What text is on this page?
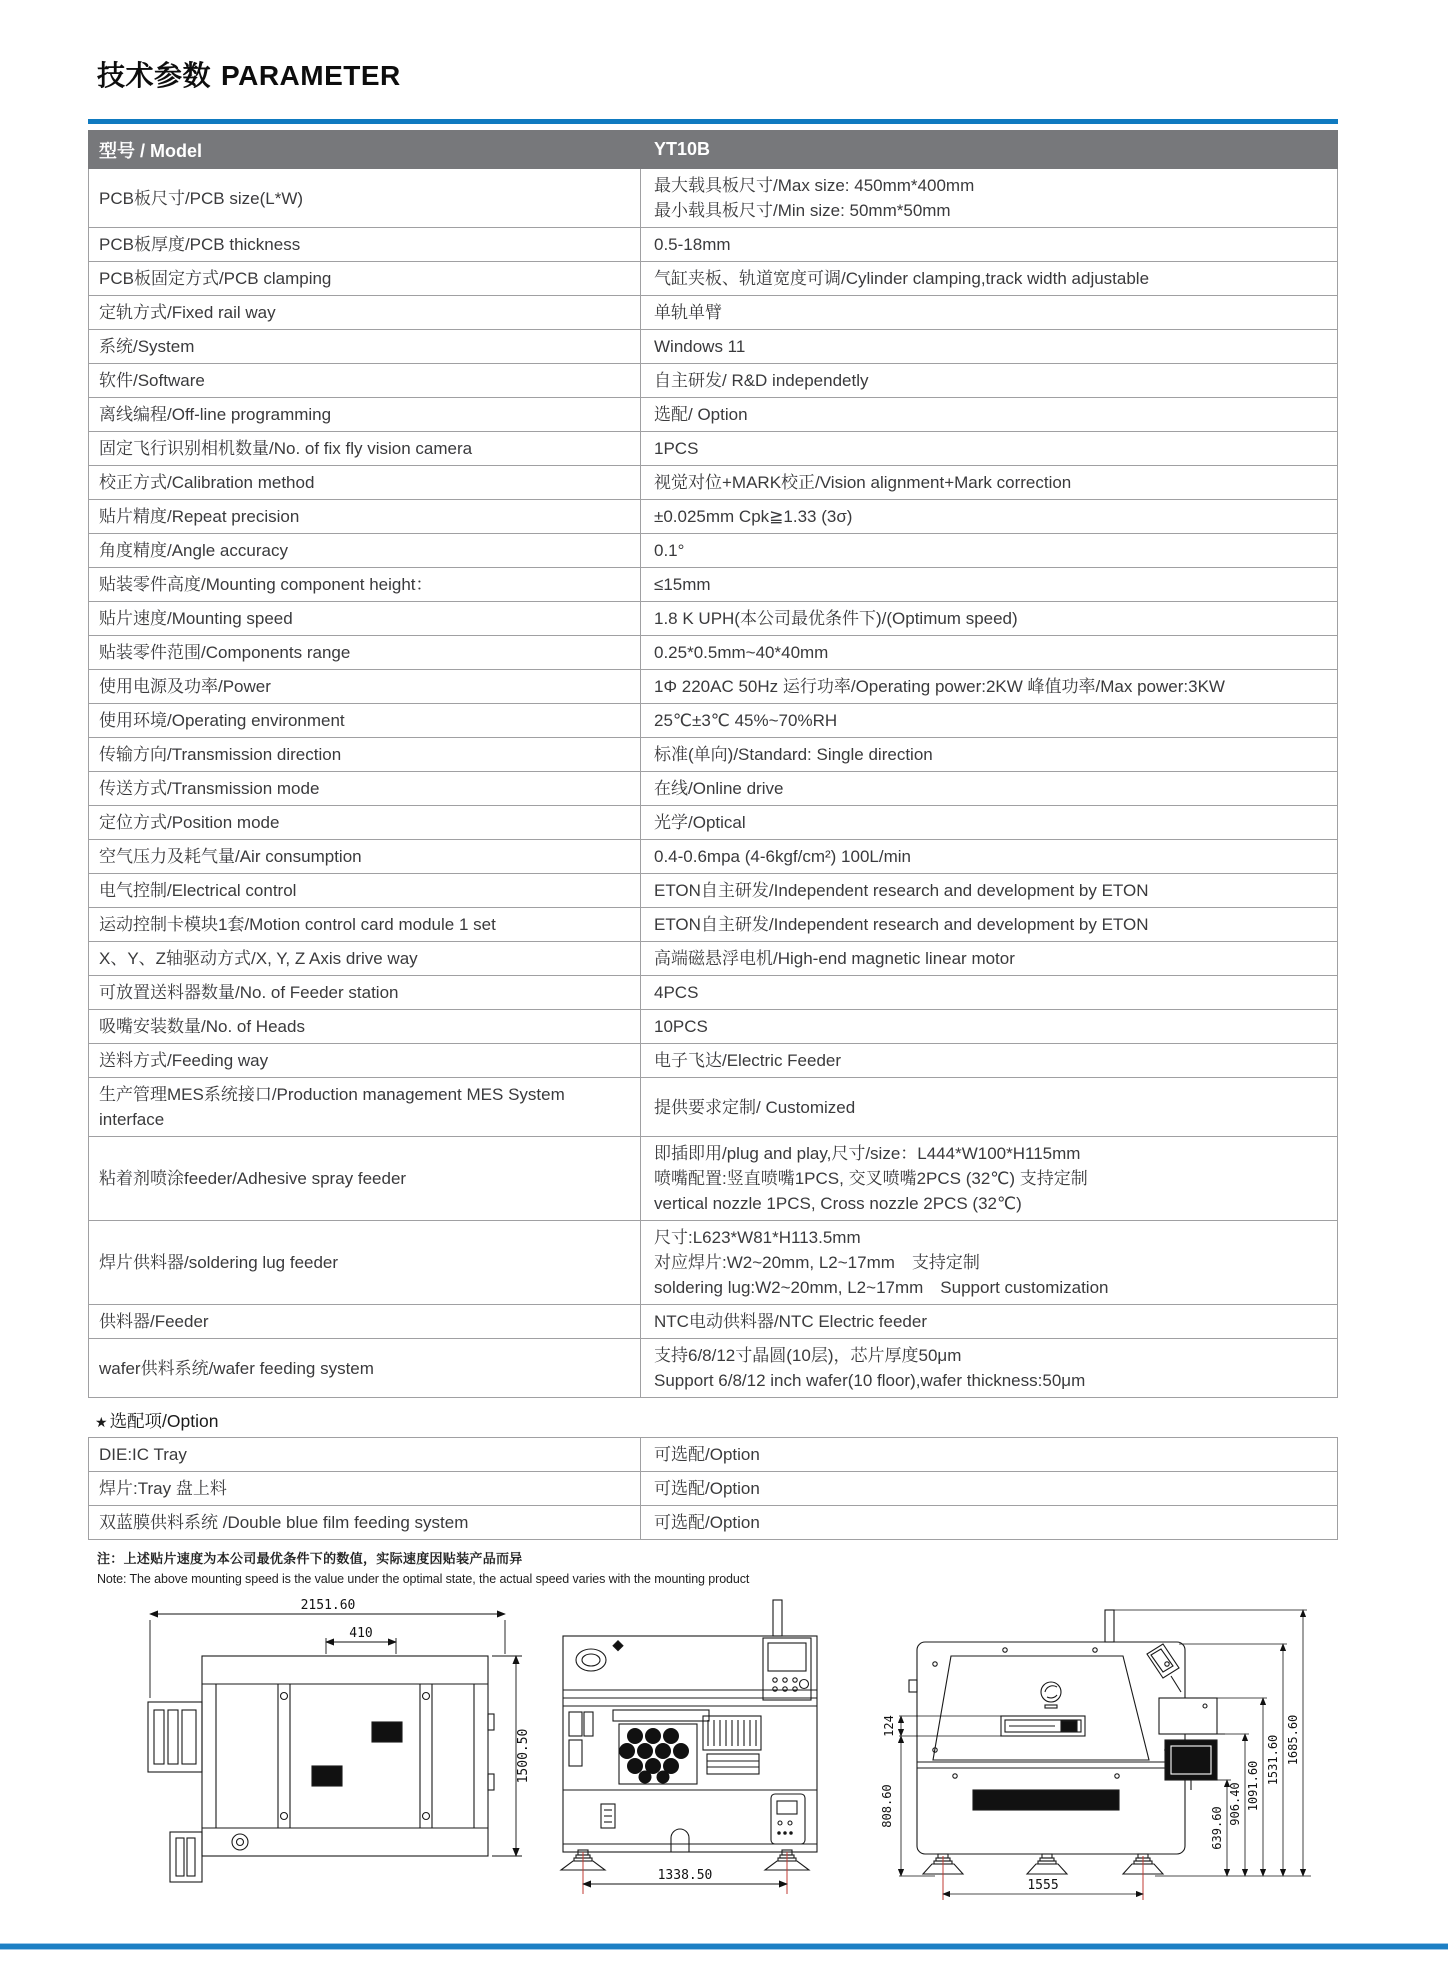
技术参数 PARAMETER
型号 / Model	YT10B
PCB板尺寸/PCB size(L*W)	最大载具板尺寸/Max size: 450mm*400mm
最小载具板尺寸/Min size: 50mm*50mm

PCB板厚度/PCB thickness	0.5-18mm

PCB板固定方式/PCB clamping	气缸夹板、轨道宽度可调/Cylinder clamping,track width adjustable

定轨方式/Fixed rail way	单轨单臂

系统/System	Windows 11

软件/Software	自主研发/ R&D independetly

离线编程/Off-line programming	选配/ Option

固定飞行识别相机数量/No. of fix fly vision camera	1PCS

校正方式/Calibration method	视觉对位+MARK校正/Vision alignment+Mark correction

贴片精度/Repeat precision	±0.025mm Cpk≧1.33 (3σ)

角度精度/Angle accuracy	0.1°

贴装零件高度/Mounting component height：	≤15mm

贴片速度/Mounting speed	1.8 K UPH(本公司最优条件下)/(Optimum speed)

贴装零件范围/Components range	0.25*0.5mm~40*40mm

使用电源及功率/Power	1Φ 220AC 50Hz 运行功率/Operating power:2KW 峰值功率/Max power:3KW

使用环境/Operating environment	25℃±3℃ 45%~70%RH

传输方向/Transmission direction	标准(单向)/Standard: Single direction

传送方式/Transmission mode	在线/Online drive

定位方式/Position mode	光学/Optical

空气压力及耗气量/Air consumption	0.4-0.6mpa (4-6kgf/cm²) 100L/min

电气控制/Electrical control	ETON自主研发/Independent research and development by ETON

运动控制卡模块1套/Motion control card module 1 set	ETON自主研发/Independent research and development by ETON

X、Y、Z轴驱动方式/X, Y, Z Axis drive way	高端磁悬浮电机/High-end magnetic linear motor

可放置送料器数量/No. of Feeder station	4PCS

吸嘴安装数量/No. of Heads	10PCS

送料方式/Feeding way	电子飞达/Electric Feeder

生产管理MES系统接口/Production management MES System interface	提供要求定制/ Customized

粘着剂喷涂feeder/Adhesive spray feeder	即插即用/plug and play,尺寸/size：L444*W100*H115mm
喷嘴配置:竖直喷嘴1PCS, 交叉喷嘴2PCS (32℃) 支持定制
vertical nozzle 1PCS, Cross nozzle 2PCS (32℃)

焊片供料器/soldering lug feeder	尺寸:L623*W81*H113.5mm
对应焊片:W2~20mm, L2~17mm　支持定制
soldering lug:W2~20mm, L2~17mm　Support customization

供料器/Feeder	NTC电动供料器/NTC Electric feeder

wafer供料系统/wafer feeding system	支持6/8/12寸晶圆(10层)，芯片厚度50μm
Support 6/8/12 inch wafer(10 floor),wafer thickness:50μm
★ 选配项/Option
DIE:IC Tray	可选配/Option
焊片:Tray 盘上料	可选配/Option
双蓝膜供料系统 /Double blue film feeding system	可选配/Option
注：上述贴片速度为本公司最优条件下的数值，实际速度因贴装产品而异
Note: The above mounting speed is the value under the optimal state, the actual speed varies with the mounting product
2151.60
410
1500.50
1338.50
124
808.60
639.60
906.40 1091.60
1531.60 1685.60
1555
